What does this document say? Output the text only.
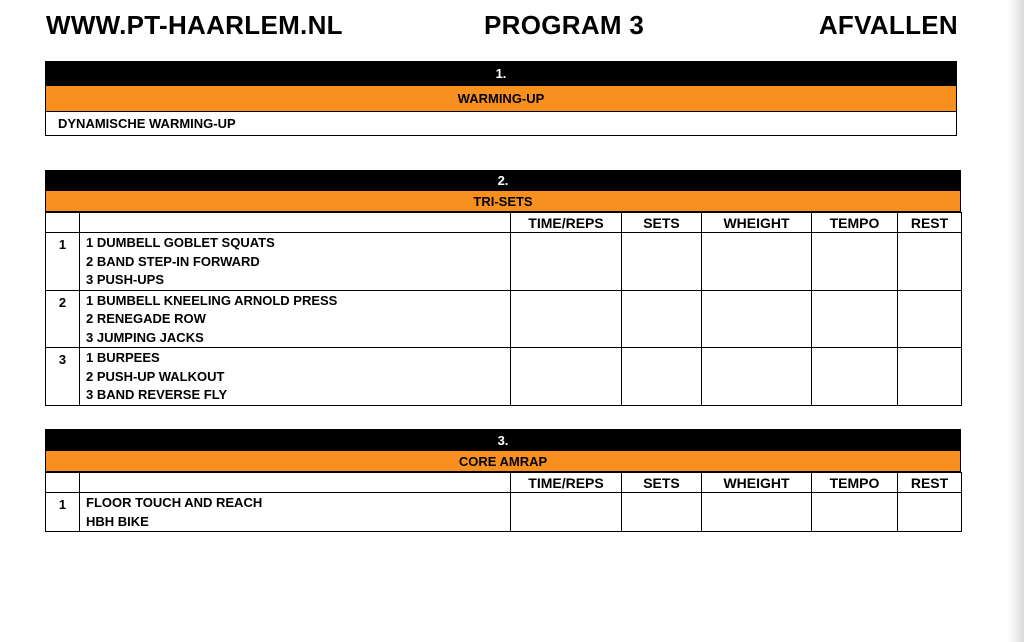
WWW.PT-HAARLEM.NL	PROGRAM 3	AFVALLEN
1.
WARMING-UP
DYNAMISCHE WARMING-UP
2.
TRI-SETS
		TIME/REPS	SETS	WHEIGHT	TEMPO	REST
1	1 DUMBELL GOBLET SQUATS
2 BAND STEP-IN FORWARD
3 PUSH-UPS					

2	1 BUMBELL KNEELING ARNOLD PRESS
2 RENEGADE ROW
3 JUMPING JACKS					

3	1 BURPEES
2 PUSH-UP WALKOUT
3 BAND REVERSE FLY					

3.
CORE AMRAP
		TIME/REPS	SETS	WHEIGHT	TEMPO	REST
1	FLOOR TOUCH AND REACH
HBH BIKE					
